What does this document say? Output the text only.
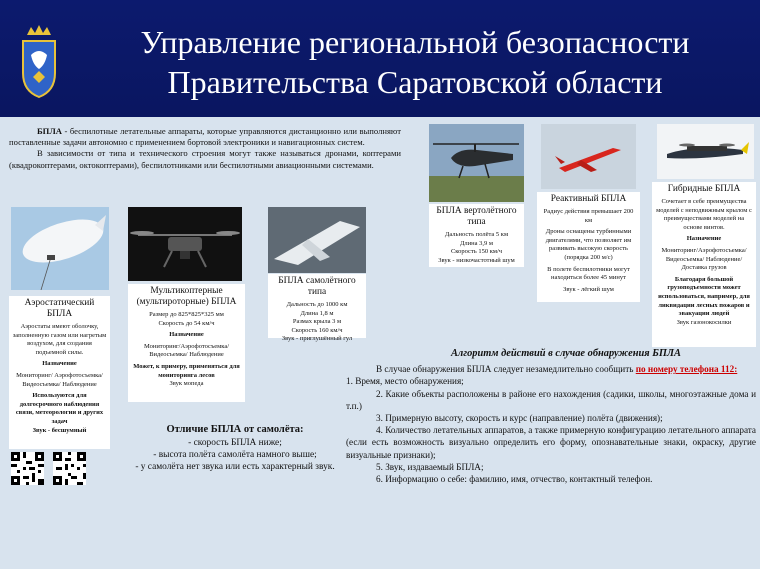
Управление региональной безопасности
Правительства Саратовской области

БПЛА - беспилотные летательные аппараты, которые управляются дистанционно или выполняют поставленные задачи автономно с применением бортовой электроники и навигационных систем.

В зависимости от типа и технического строения могут также называться дронами, коптерами (квадрокоптерами, октокоптерами), беспилотниками или беспилотными авиационными системами.

Аэростатический БПЛА

Аэростаты имеют оболочку, заполненную газом или нагретым воздухом, для создания подъемной силы.

Назначение

Мониторинг/ Аэрофотосъемка/ Видеосъемка/ Наблюдение

Используются для долгосрочного наблюдения связи, метеорологии и других задач

Звук - бесшумный

Мультикоптерные (мультироторные) БПЛА

Размер до 825*825*325 мм

Скорость до 54 км/ч

Назначение

Мониторинг/Аэрофотосъемка/ Видеосъемка/ Наблюдение

Может, к примеру, применяться для мониторинга лесов

Звук мопеда

БПЛА самолётного типа

Дальность до 1000 км

Длина 1,8 м

Размах крыла 3 м

Скорость 160 км/ч

Звук - приглушённый гул

БПЛА вертолётного типа

Дальность полёта 5 км

Длина 3,9 м

Скорость 150 км/ч

Звук - низкочастотный шум

Реактивный БПЛА

Радиус действия превышает 200 км

Дроны оснащены турбинными двигателями, что позволяет им развивать высокую скорость (порядка 200 м/с)

В полете беспилотники могут находиться более 45 минут

Звук - лёгкий шум

Гибридные БПЛА

Сочетает в себе преимущества моделей с неподвижным крылом с преимуществами моделей на основе винтов.

Назначение

Мониторинг/Аэрофотосъемка/ Видеосъемка/ Наблюдение/ Доставка грузов

Благодаря большой грузоподъемности может использоваться, например, для ликвидации лесных пожаров и эвакуации людей

Звук газонокосилки

Отличие БПЛА от самолёта:
- скорость БПЛА ниже;
- высота полёта самолёта намного выше;
- у самолёта нет звука или есть характерный звук.
Алгоритм действий в случае обнаружения БПЛА

В случае обнаружения БПЛА следует незамедлительно сообщить по номеру телефона 112:

1. Время, место обнаружения;

2. Какие объекты расположены в районе его нахождения (садики, школы, многоэтажные дома и т.п.)

3. Примерную высоту, скорость и курс (направление) полёта (движения);

4. Количество летательных аппаратов, а также примерную конфигурацию летательного аппарата (если есть возможность визуально определить его форму, опознавательные знаки, окраску, другие визуальные признаки);

5. Звук, издаваемый БПЛА;

6. Информацию о себе: фамилию, имя, отчество, контактный телефон.
